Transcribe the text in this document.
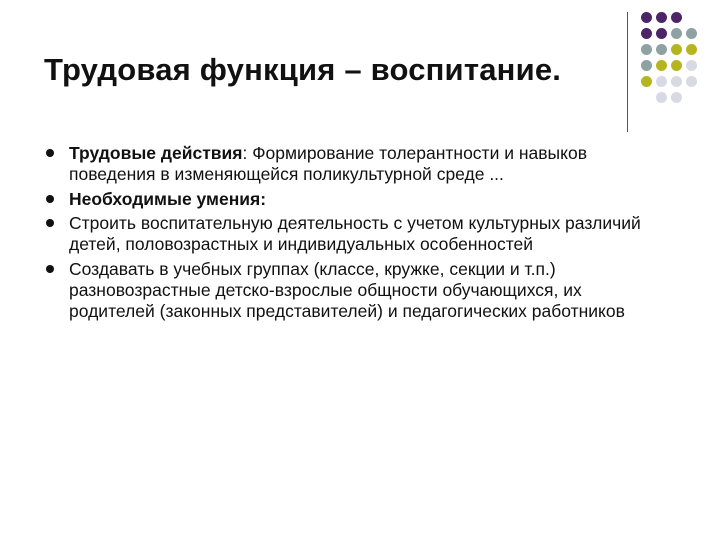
Трудовая функция – воспитание.
Трудовые действия: Формирование толерантности и навыков поведения в изменяющейся поликультурной среде ...
Необходимые умения:
Строить воспитательную деятельность с учетом культурных различий детей, половозрастных и индивидуальных особенностей
Создавать в учебных группах (классе, кружке, секции и т.п.) разновозрастные детско-взрослые общности обучающихся, их родителей (законных представителей) и педагогических работников
